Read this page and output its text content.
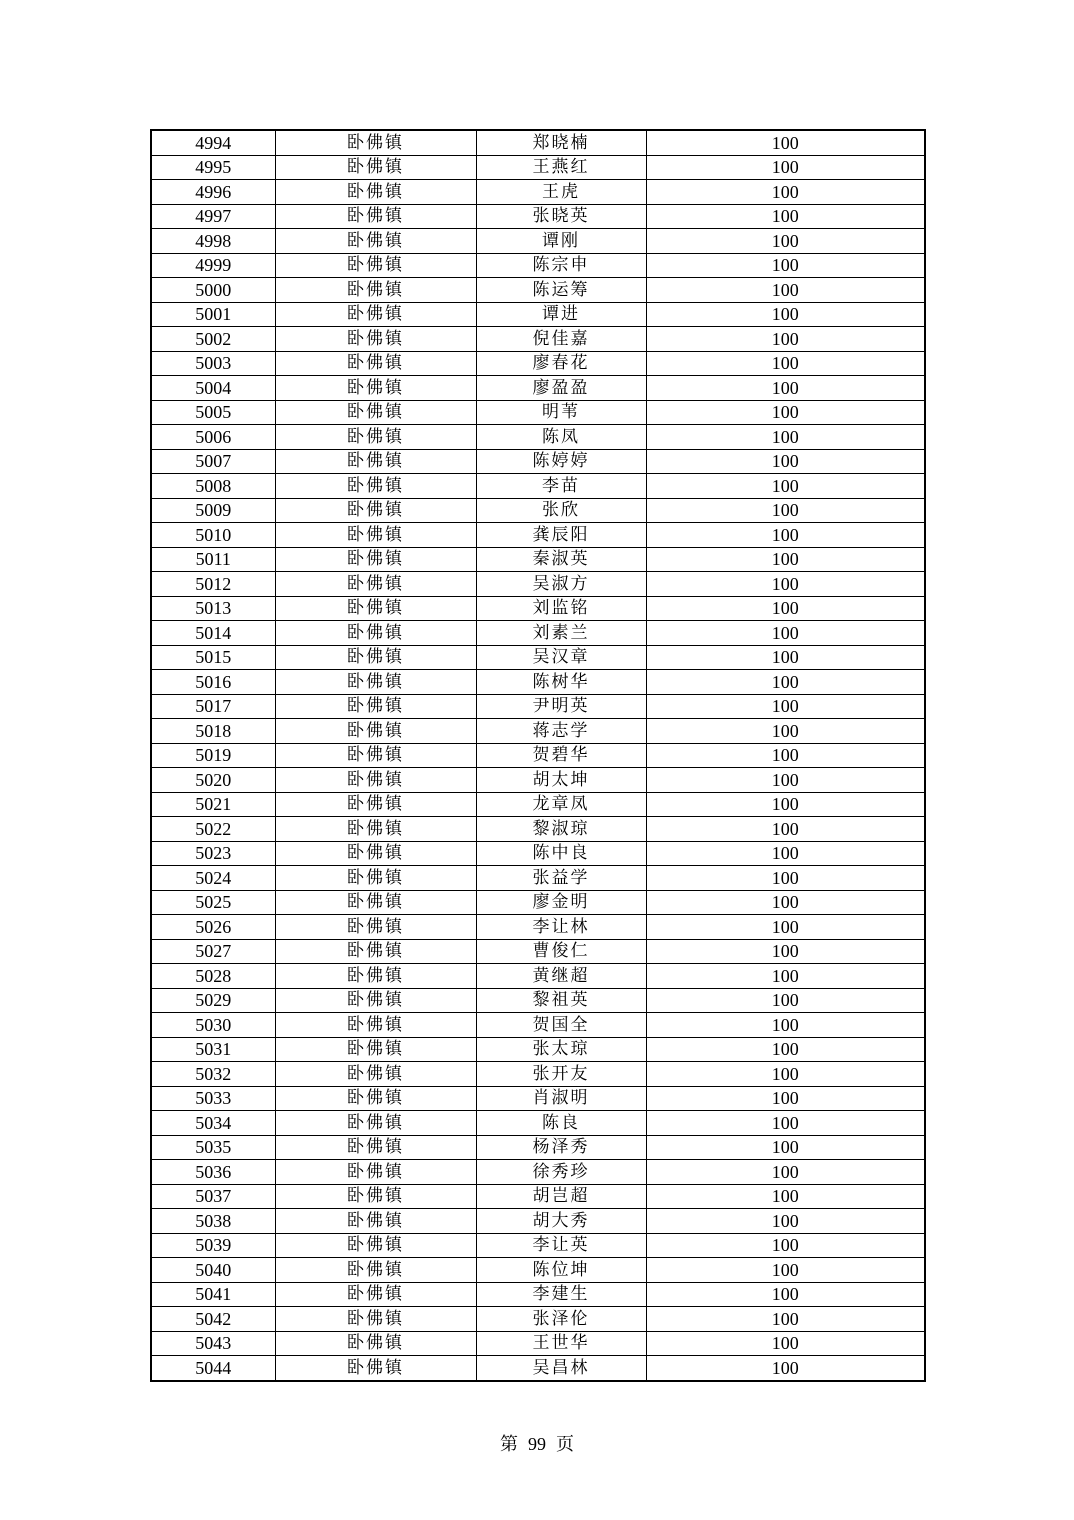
4994	卧佛镇	郑晓楠	100
4995	卧佛镇	王燕红	100
4996	卧佛镇	王虎	100
4997	卧佛镇	张晓英	100
4998	卧佛镇	谭刚	100
4999	卧佛镇	陈宗申	100
5000	卧佛镇	陈运筹	100
5001	卧佛镇	谭进	100
5002	卧佛镇	倪佳嘉	100
5003	卧佛镇	廖春花	100
5004	卧佛镇	廖盈盈	100
5005	卧佛镇	明苇	100
5006	卧佛镇	陈凤	100
5007	卧佛镇	陈婷婷	100
5008	卧佛镇	李苗	100
5009	卧佛镇	张欣	100
5010	卧佛镇	龚辰阳	100
5011	卧佛镇	秦淑英	100
5012	卧佛镇	吴淑方	100
5013	卧佛镇	刘监铭	100
5014	卧佛镇	刘素兰	100
5015	卧佛镇	吴汉章	100
5016	卧佛镇	陈树华	100
5017	卧佛镇	尹明英	100
5018	卧佛镇	蒋志学	100
5019	卧佛镇	贺碧华	100
5020	卧佛镇	胡太坤	100
5021	卧佛镇	龙章凤	100
5022	卧佛镇	黎淑琼	100
5023	卧佛镇	陈中良	100
5024	卧佛镇	张益学	100
5025	卧佛镇	廖金明	100
5026	卧佛镇	李让林	100
5027	卧佛镇	曹俊仁	100
5028	卧佛镇	黄继超	100
5029	卧佛镇	黎祖英	100
5030	卧佛镇	贺国全	100
5031	卧佛镇	张太琼	100
5032	卧佛镇	张开友	100
5033	卧佛镇	肖淑明	100
5034	卧佛镇	陈良	100
5035	卧佛镇	杨泽秀	100
5036	卧佛镇	徐秀珍	100
5037	卧佛镇	胡岂超	100
5038	卧佛镇	胡大秀	100
5039	卧佛镇	李让英	100
5040	卧佛镇	陈位坤	100
5041	卧佛镇	李建生	100
5042	卧佛镇	张泽伦	100
5043	卧佛镇	王世华	100
5044	卧佛镇	吴昌林	100
第 99 页
